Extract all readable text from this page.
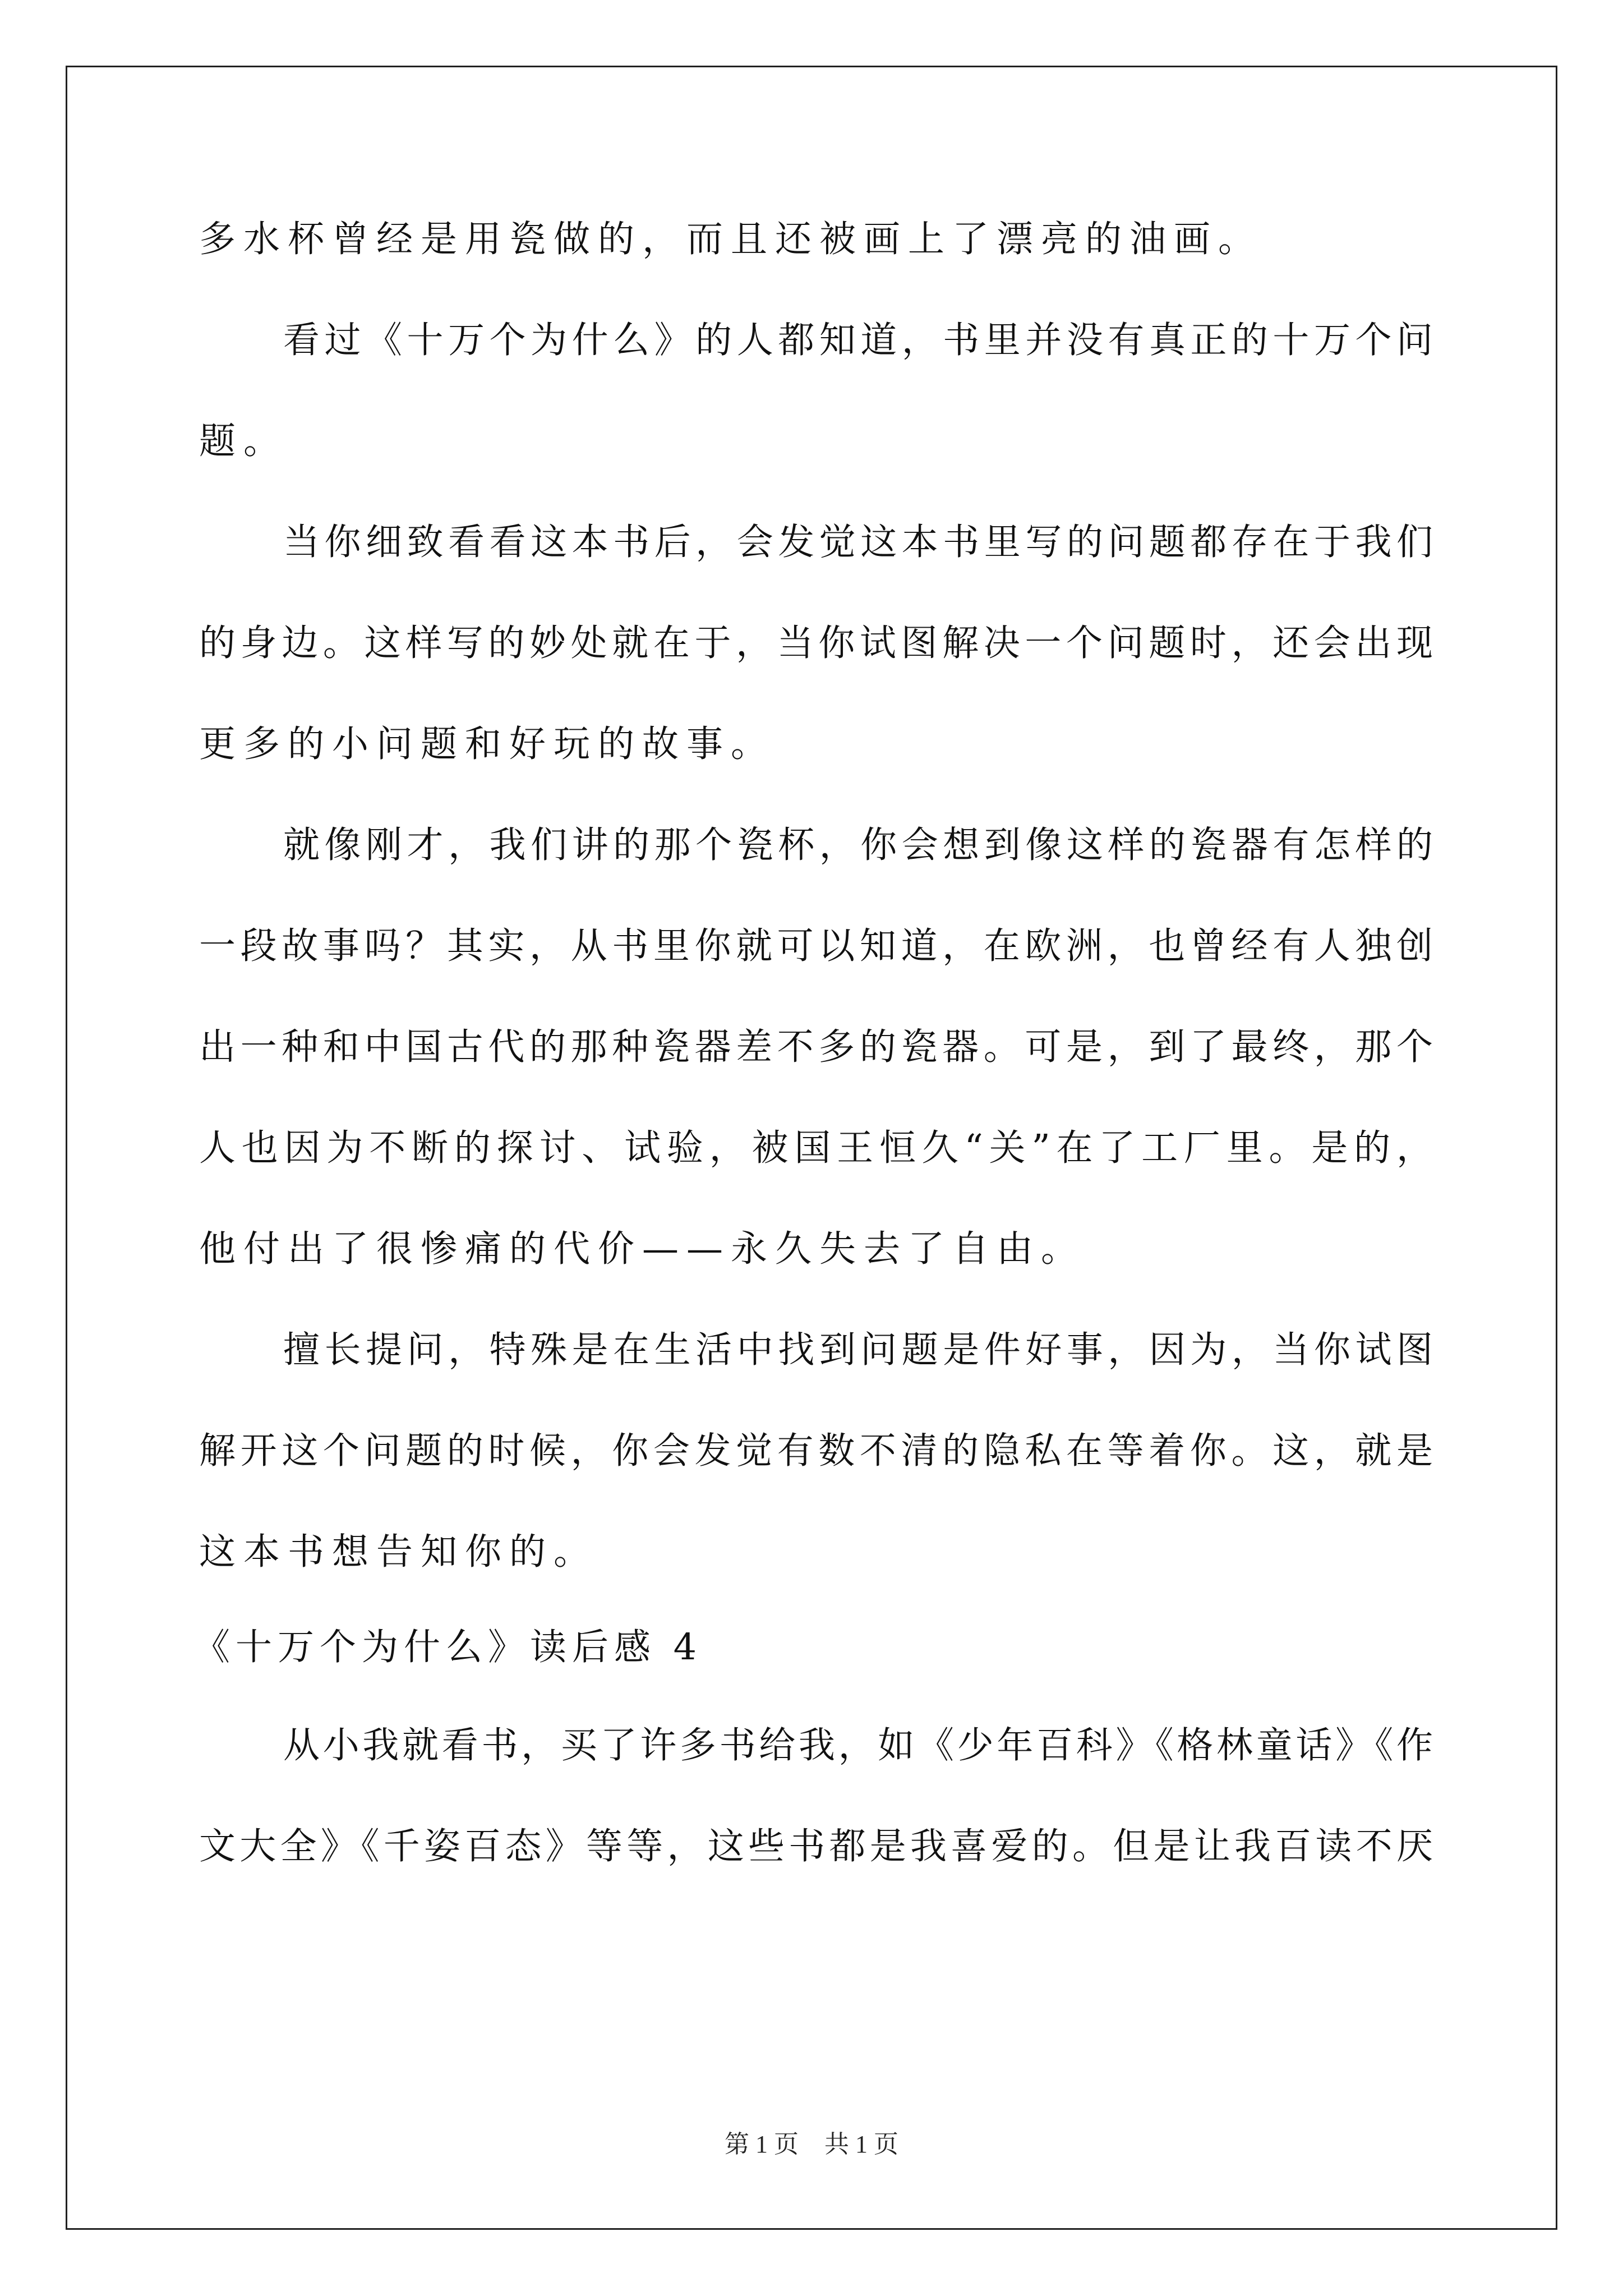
多水杯曾经是用瓷做的，而且还被画上了漂亮的油画。
看过《十万个为什么》的人都知道，书里并没有真正的十万个问
题。
当你细致看看这本书后，会发觉这本书里写的问题都存在于我们
的身边。这样写的妙处就在于，当你试图解决一个问题时，还会出现
更多的小问题和好玩的故事。
就像刚才，我们讲的那个瓷杯，你会想到像这样的瓷器有怎样的
一段故事吗？其实，从书里你就可以知道，在欧洲，也曾经有人独创
出一种和中国古代的那种瓷器差不多的瓷器。可是，到了最终，那个
人也因为不断的探讨、试验，被国王恒久“关”在了工厂里。是的，
他付出了很惨痛的代价——永久失去了自由。
擅长提问，特殊是在生活中找到问题是件好事，因为，当你试图
解开这个问题的时候，你会发觉有数不清的隐私在等着你。这，就是
这本书想告知你的。
《十万个为什么》读后感 4
从小我就看书，买了许多书给我，如《少年百科》《格林童话》《作
文大全》《千姿百态》等等，这些书都是我喜爱的。但是让我百读不厌
第 1 页 共 1 页
